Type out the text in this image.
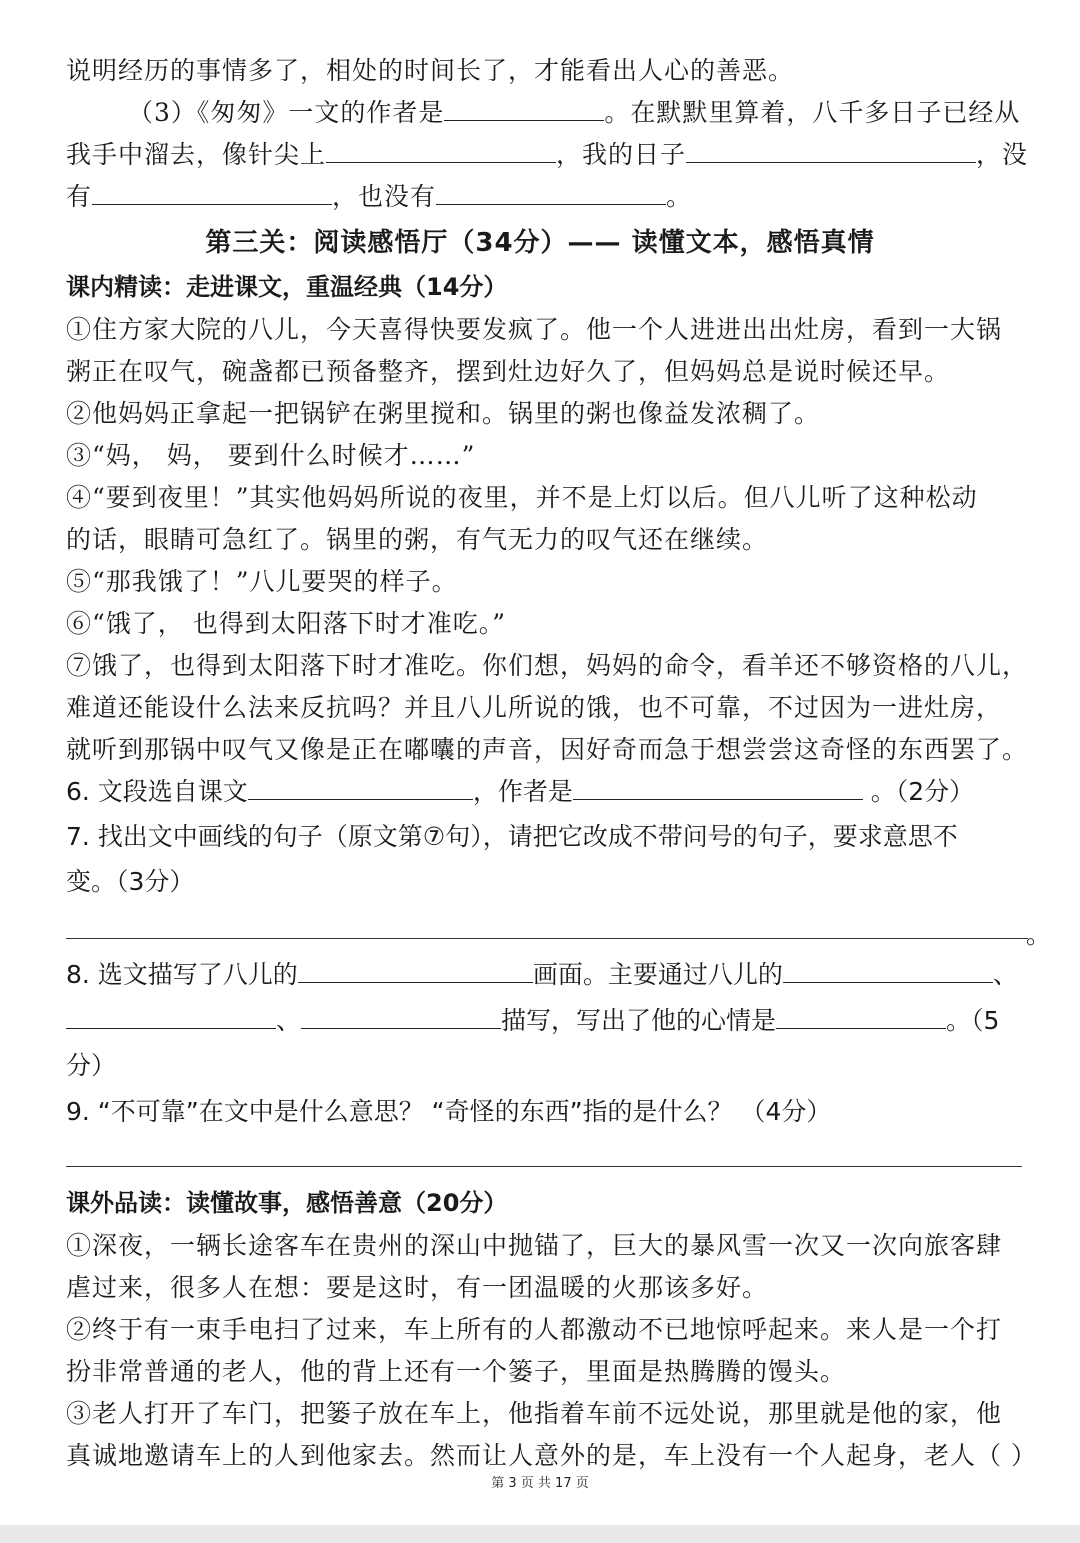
说明经历的事情多了，相处的时间长了，才能看出人心的善恶。
（3）《匆匆》一文的作者是	。在默默里算着，八千多日子已经从
我手中溜去，像针尖上	，我的日子	，没
有	，也没有	。
第三关：阅读感悟厅（34分）—— 读懂文本，感悟真情
课内精读：走进课文，重温经典（14分）
①住方家大院的八儿，今天喜得快要发疯了。他一个人进进出出灶房，看到一大锅
粥正在叹气，碗盏都已预备整齐，摆到灶边好久了，但妈妈总是说时候还早。
②他妈妈正拿起一把锅铲在粥里搅和。锅里的粥也像益发浓稠了。
③“妈， 妈， 要到什么时候才……”
④“要到夜里！”其实他妈妈所说的夜里，并不是上灯以后。但八儿听了这种松动
的话，眼睛可急红了。锅里的粥，有气无力的叹气还在继续。
⑤“那我饿了！”八儿要哭的样子。
⑥“饿了， 也得到太阳落下时才准吃。”
⑦饿了，也得到太阳落下时才准吃。你们想，妈妈的命令，看羊还不够资格的八儿，
难道还能设什么法来反抗吗？并且八儿所说的饿，也不可靠，不过因为一进灶房，
就听到那锅中叹气又像是正在嘟囔的声音，因好奇而急于想尝尝这奇怪的东西罢了。
6. 文段选自课文	，作者是	。（2分）
7. 找出文中画线的句子（原文第⑦句），请把它改成不带问号的句子，要求意思不
变。（3分）
。
8. 选文描写了八儿的	画面。主要通过八儿的	、
、	描写，写出了他的心情是	。（5
分）
9. “不可靠”在文中是什么意思？ “奇怪的东西”指的是什么？ （4分）
课外品读：读懂故事，感悟善意（20分）
①深夜，一辆长途客车在贵州的深山中抛锚了，巨大的暴风雪一次又一次向旅客肆
虐过来，很多人在想：要是这时，有一团温暖的火那该多好。
②终于有一束手电扫了过来，车上所有的人都激动不已地惊呼起来。来人是一个打
扮非常普通的老人，他的背上还有一个篓子，里面是热腾腾的馒头。
③老人打开了车门，把篓子放在车上，他指着车前不远处说，那里就是他的家，他
真诚地邀请车上的人到他家去。然而让人意外的是，车上没有一个人起身，老人（ ）
第 3 页 共 17 页
